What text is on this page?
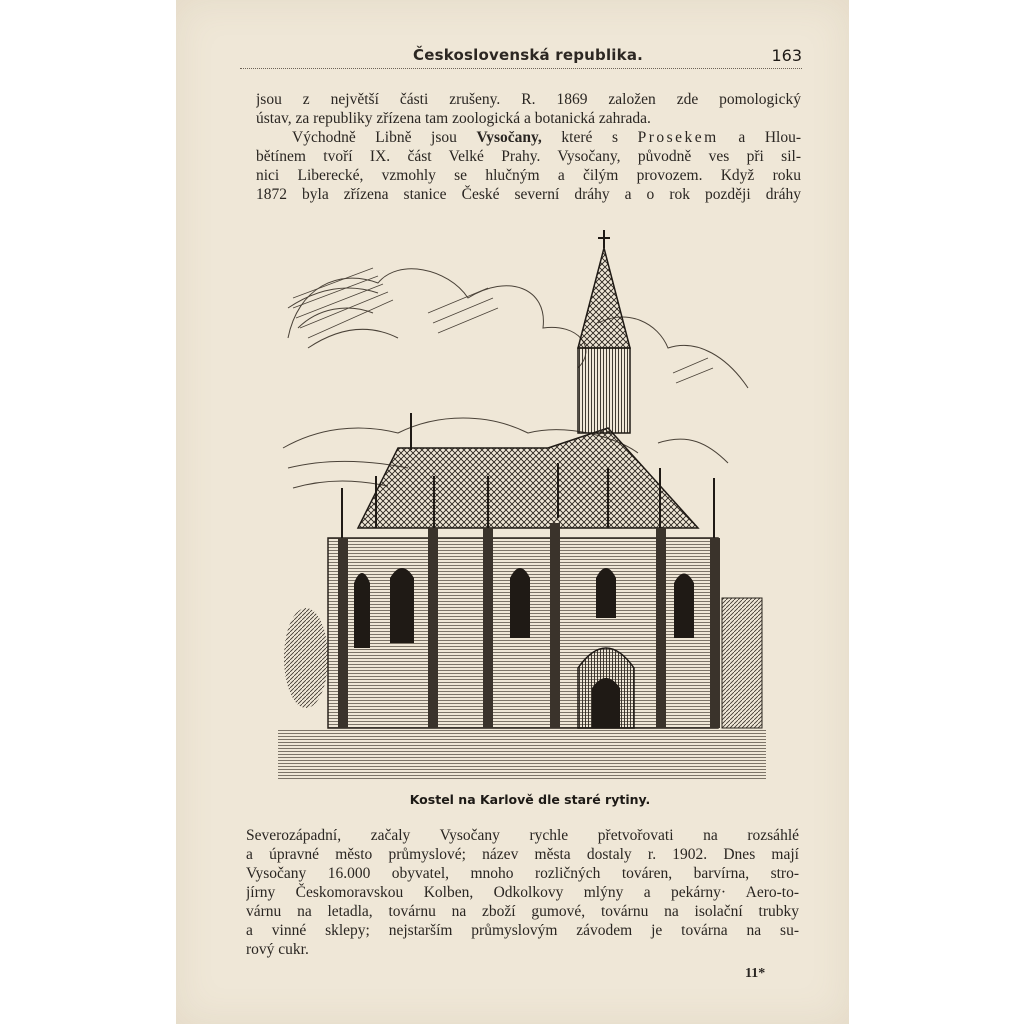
Československá republika.	163
jsou z největší části zrušeny. R. 1869 založen zde pomologický
ústav, za republiky zřízena tam zoologická a botanická zahrada.
Východně Libně jsou Vysočany, které s Prosekem a Hlou-
bětínem tvoří IX. část Velké Prahy. Vysočany, původně ves při sil-
nici Liberecké, vzmohly se hlučným a čilým provozem. Když roku
1872 byla zřízena stanice České severní dráhy a o rok později dráhy
Kostel na Karlově dle staré rytiny.
Severozápadní, začaly Vysočany rychle přetvořovati na rozsáhlé
a úpravné město průmyslové; název města dostaly r. 1902. Dnes mají
Vysočany 16.000 obyvatel, mnoho rozličných továren, barvírna, stro-
jírny Českomoravskou Kolben, Odkolkovy mlýny a pekárny· Aero-to-
várnu na letadla, továrnu na zboží gumové, továrnu na isolační trubky
a vinné sklepy; nejstarším průmyslovým závodem je továrna na su-
rový cukr.
11*
